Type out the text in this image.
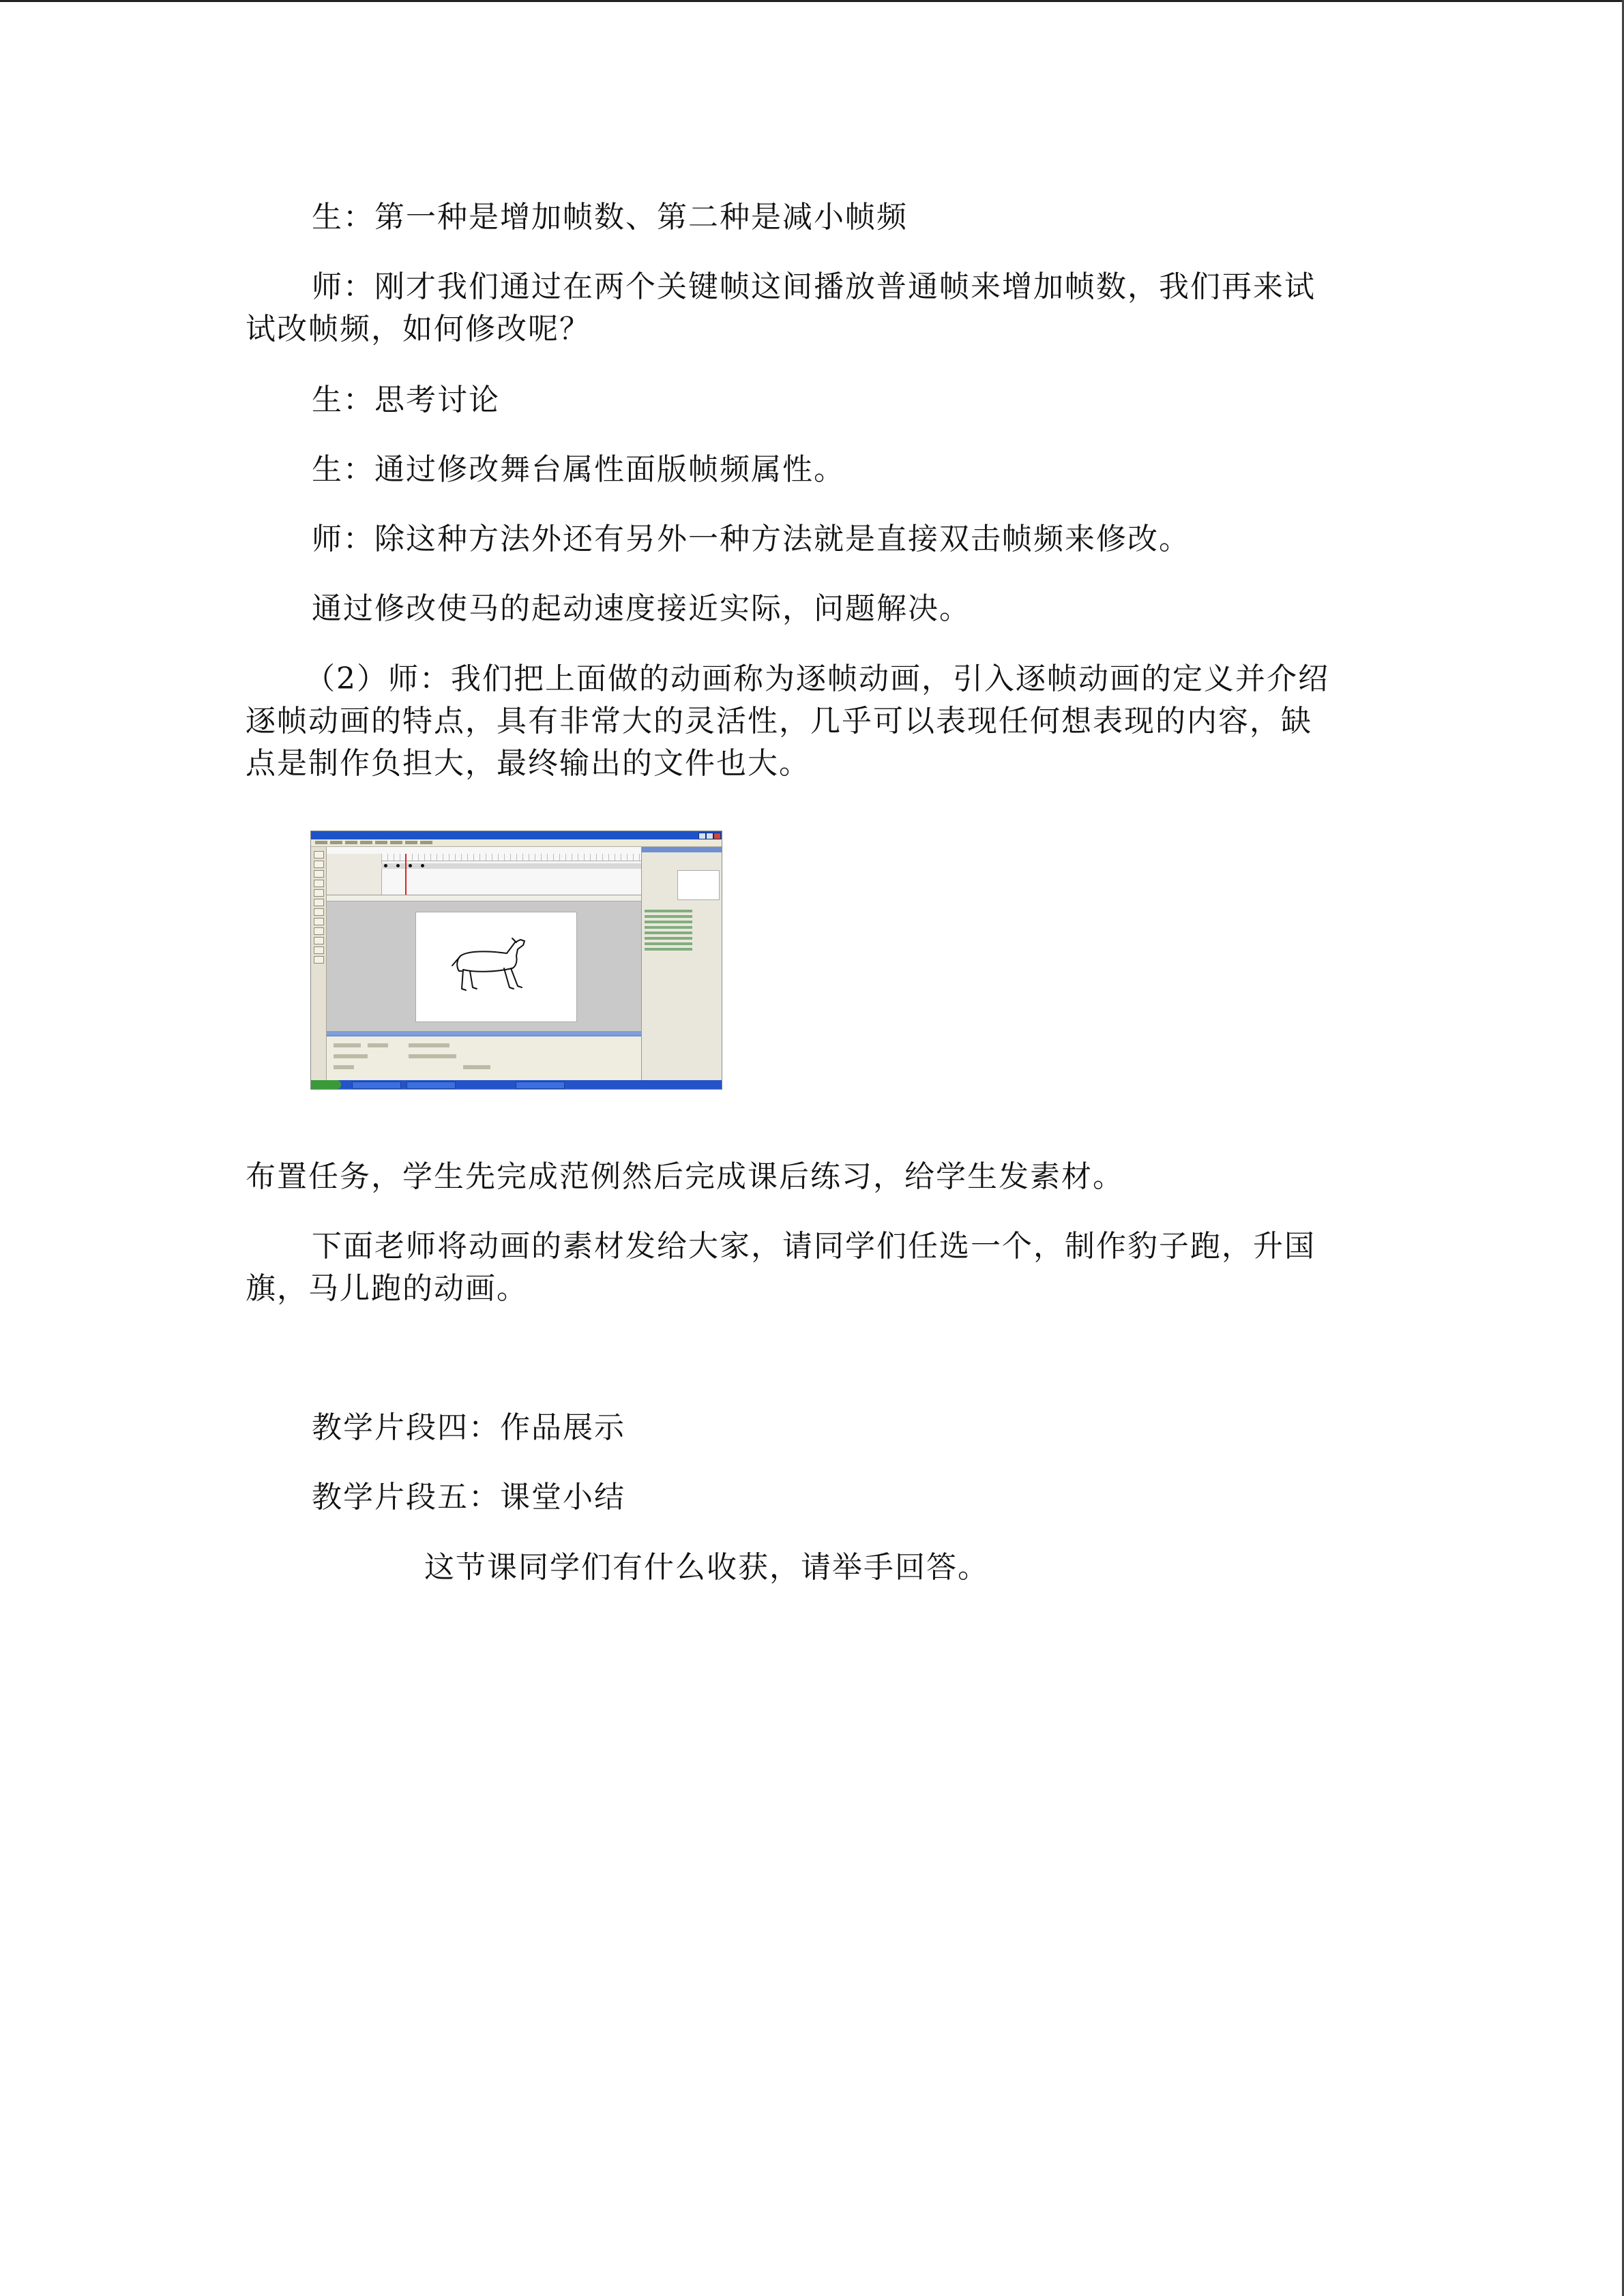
生：第一种是增加帧数、第二种是减小帧频
师：刚才我们通过在两个关键帧这间播放普通帧来增加帧数，我们再来试
试改帧频，如何修改呢？
生：思考讨论
生：通过修改舞台属性面版帧频属性。
师：除这种方法外还有另外一种方法就是直接双击帧频来修改。
通过修改使马的起动速度接近实际，问题解决。
（2）师：我们把上面做的动画称为逐帧动画，引入逐帧动画的定义并介绍
逐帧动画的特点，具有非常大的灵活性，几乎可以表现任何想表现的内容，缺
点是制作负担大，最终输出的文件也大。
布置任务，学生先完成范例然后完成课后练习，给学生发素材。
下面老师将动画的素材发给大家，请同学们任选一个，制作豹子跑，升国
旗，马儿跑的动画。
教学片段四：作品展示
教学片段五：课堂小结
这节课同学们有什么收获，请举手回答。
